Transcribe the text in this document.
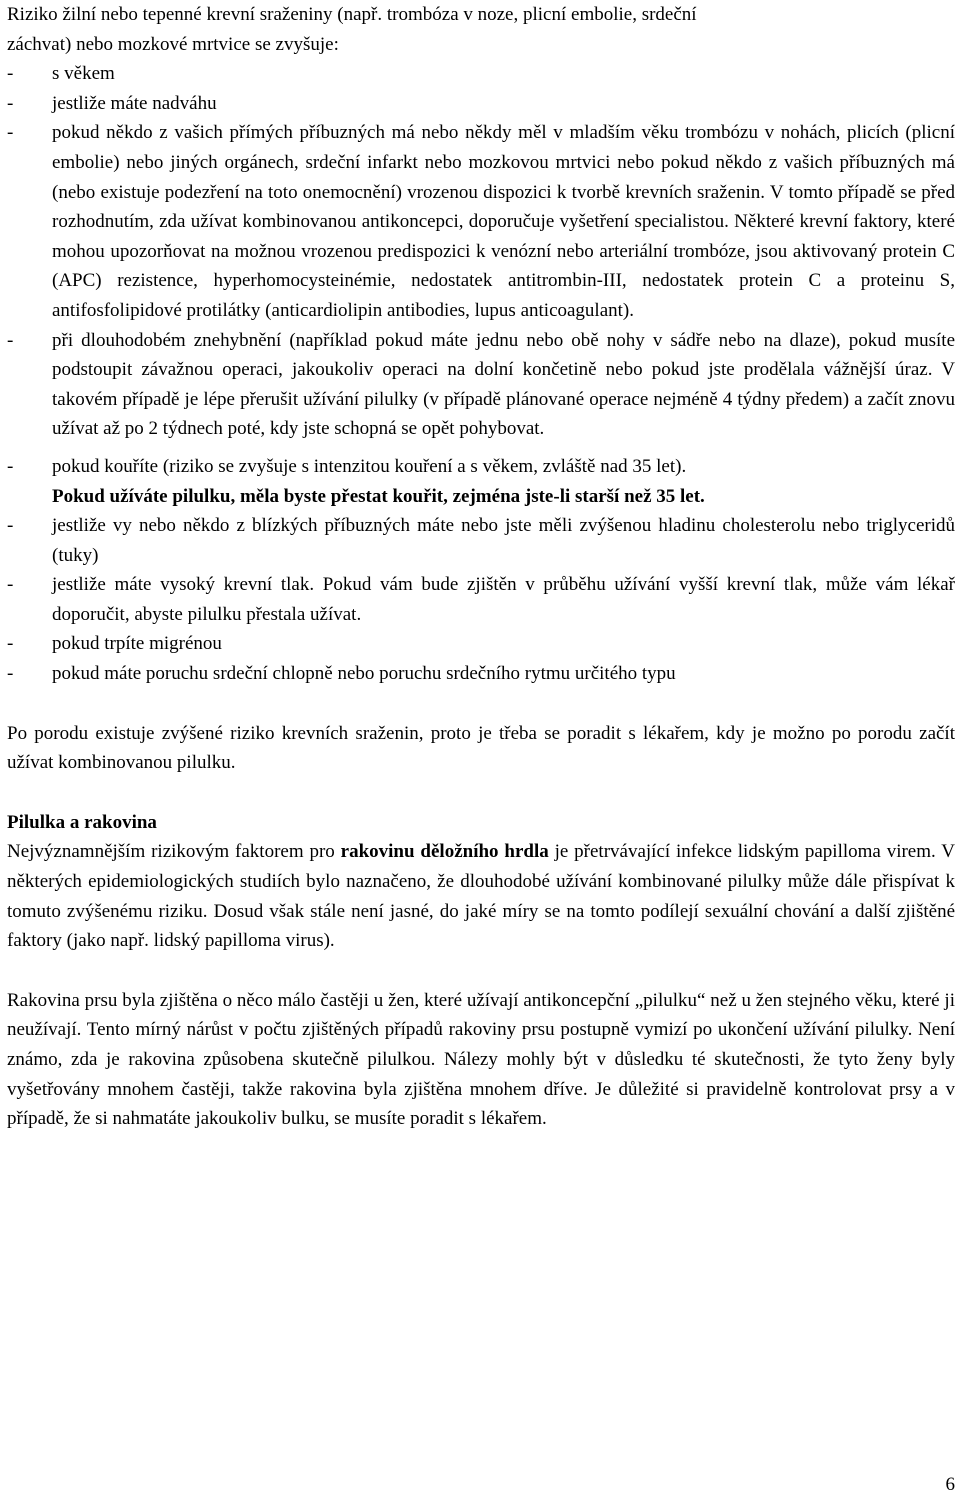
Riziko žilní nebo tepenné krevní sraženiny (např. trombóza v noze, plicní embolie, srdeční

záchvat) nebo mozkové mrtvice se zvyšuje:

- s věkem
- jestliže máte nadváhu
- pokud někdo z vašich přímých příbuzných má nebo někdy měl v mladším věku trombózu v nohách, plicích (plicní embolie) nebo jiných orgánech, srdeční infarkt nebo mozkovou mrtvici nebo pokud někdo z vašich příbuzných má (nebo existuje podezření na toto onemocnění) vrozenou dispozici k tvorbě krevních sraženin. V tomto případě se před rozhodnutím, zda užívat kombinovanou antikoncepci, doporučuje vyšetření specialistou. Některé krevní faktory, které mohou upozorňovat na možnou vrozenou predispozici k venózní nebo arteriální trombóze, jsou aktivovaný protein C (APC) rezistence, hyperhomocysteinémie, nedostatek antitrombin-III, nedostatek protein C a proteinu S, antifosfolipidové protilátky (anticardiolipin antibodies, lupus anticoagulant).
- při dlouhodobém znehybnění (například pokud máte jednu nebo obě nohy v sádře nebo na dlaze), pokud musíte podstoupit závažnou operaci, jakoukoliv operaci na dolní končetině nebo pokud jste prodělala vážnější úraz. V takovém případě je lépe přerušit užívání pilulky (v případě plánované operace nejméně 4 týdny předem) a začít znovu užívat až po 2 týdnech poté, kdy jste schopná se opět pohybovat.
- pokud kouříte (riziko se zvyšuje s intenzitou kouření a s věkem, zvláště nad 35 let).
Pokud užíváte pilulku, měla byste přestat kouřit, zejména jste-li starší než 35 let.
- jestliže vy nebo někdo z blízkých příbuzných máte nebo jste měli zvýšenou hladinu cholesterolu nebo triglyceridů (tuky)
- jestliže máte vysoký krevní tlak. Pokud vám bude zjištěn v průběhu užívání vyšší krevní tlak, může vám lékař doporučit, abyste pilulku přestala užívat.
- pokud trpíte migrénou
- pokud máte poruchu srdeční chlopně nebo poruchu srdečního rytmu určitého typu

Po porodu existuje zvýšené riziko krevních sraženin, proto je třeba se poradit s lékařem, kdy je možno po porodu začít užívat kombinovanou pilulku.

Pilulka a rakovina

Nejvýznamnějším rizikovým faktorem pro rakovinu děložního hrdla je přetrvávající infekce lidským papilloma virem. V některých epidemiologických studiích bylo naznačeno, že dlouhodobé užívání kombinované pilulky může dále přispívat k tomuto zvýšenému riziku. Dosud však stále není jasné, do jaké míry se na tomto podílejí sexuální chování a další zjištěné faktory (jako např. lidský papilloma virus).

Rakovina prsu byla zjištěna o něco málo častěji u žen, které užívají antikoncepční „pilulku“ než u žen stejného věku, které ji neužívají. Tento mírný nárůst v počtu zjištěných případů rakoviny prsu postupně vymizí po ukončení užívání pilulky. Není známo, zda je rakovina způsobena skutečně pilulkou. Nálezy mohly být v důsledku té skutečnosti, že tyto ženy byly vyšetřovány mnohem častěji, takže rakovina byla zjištěna mnohem dříve. Je důležité si pravidelně kontrolovat prsy a v případě, že si nahmatáte jakoukoliv bulku, se musíte poradit s lékařem.

6
